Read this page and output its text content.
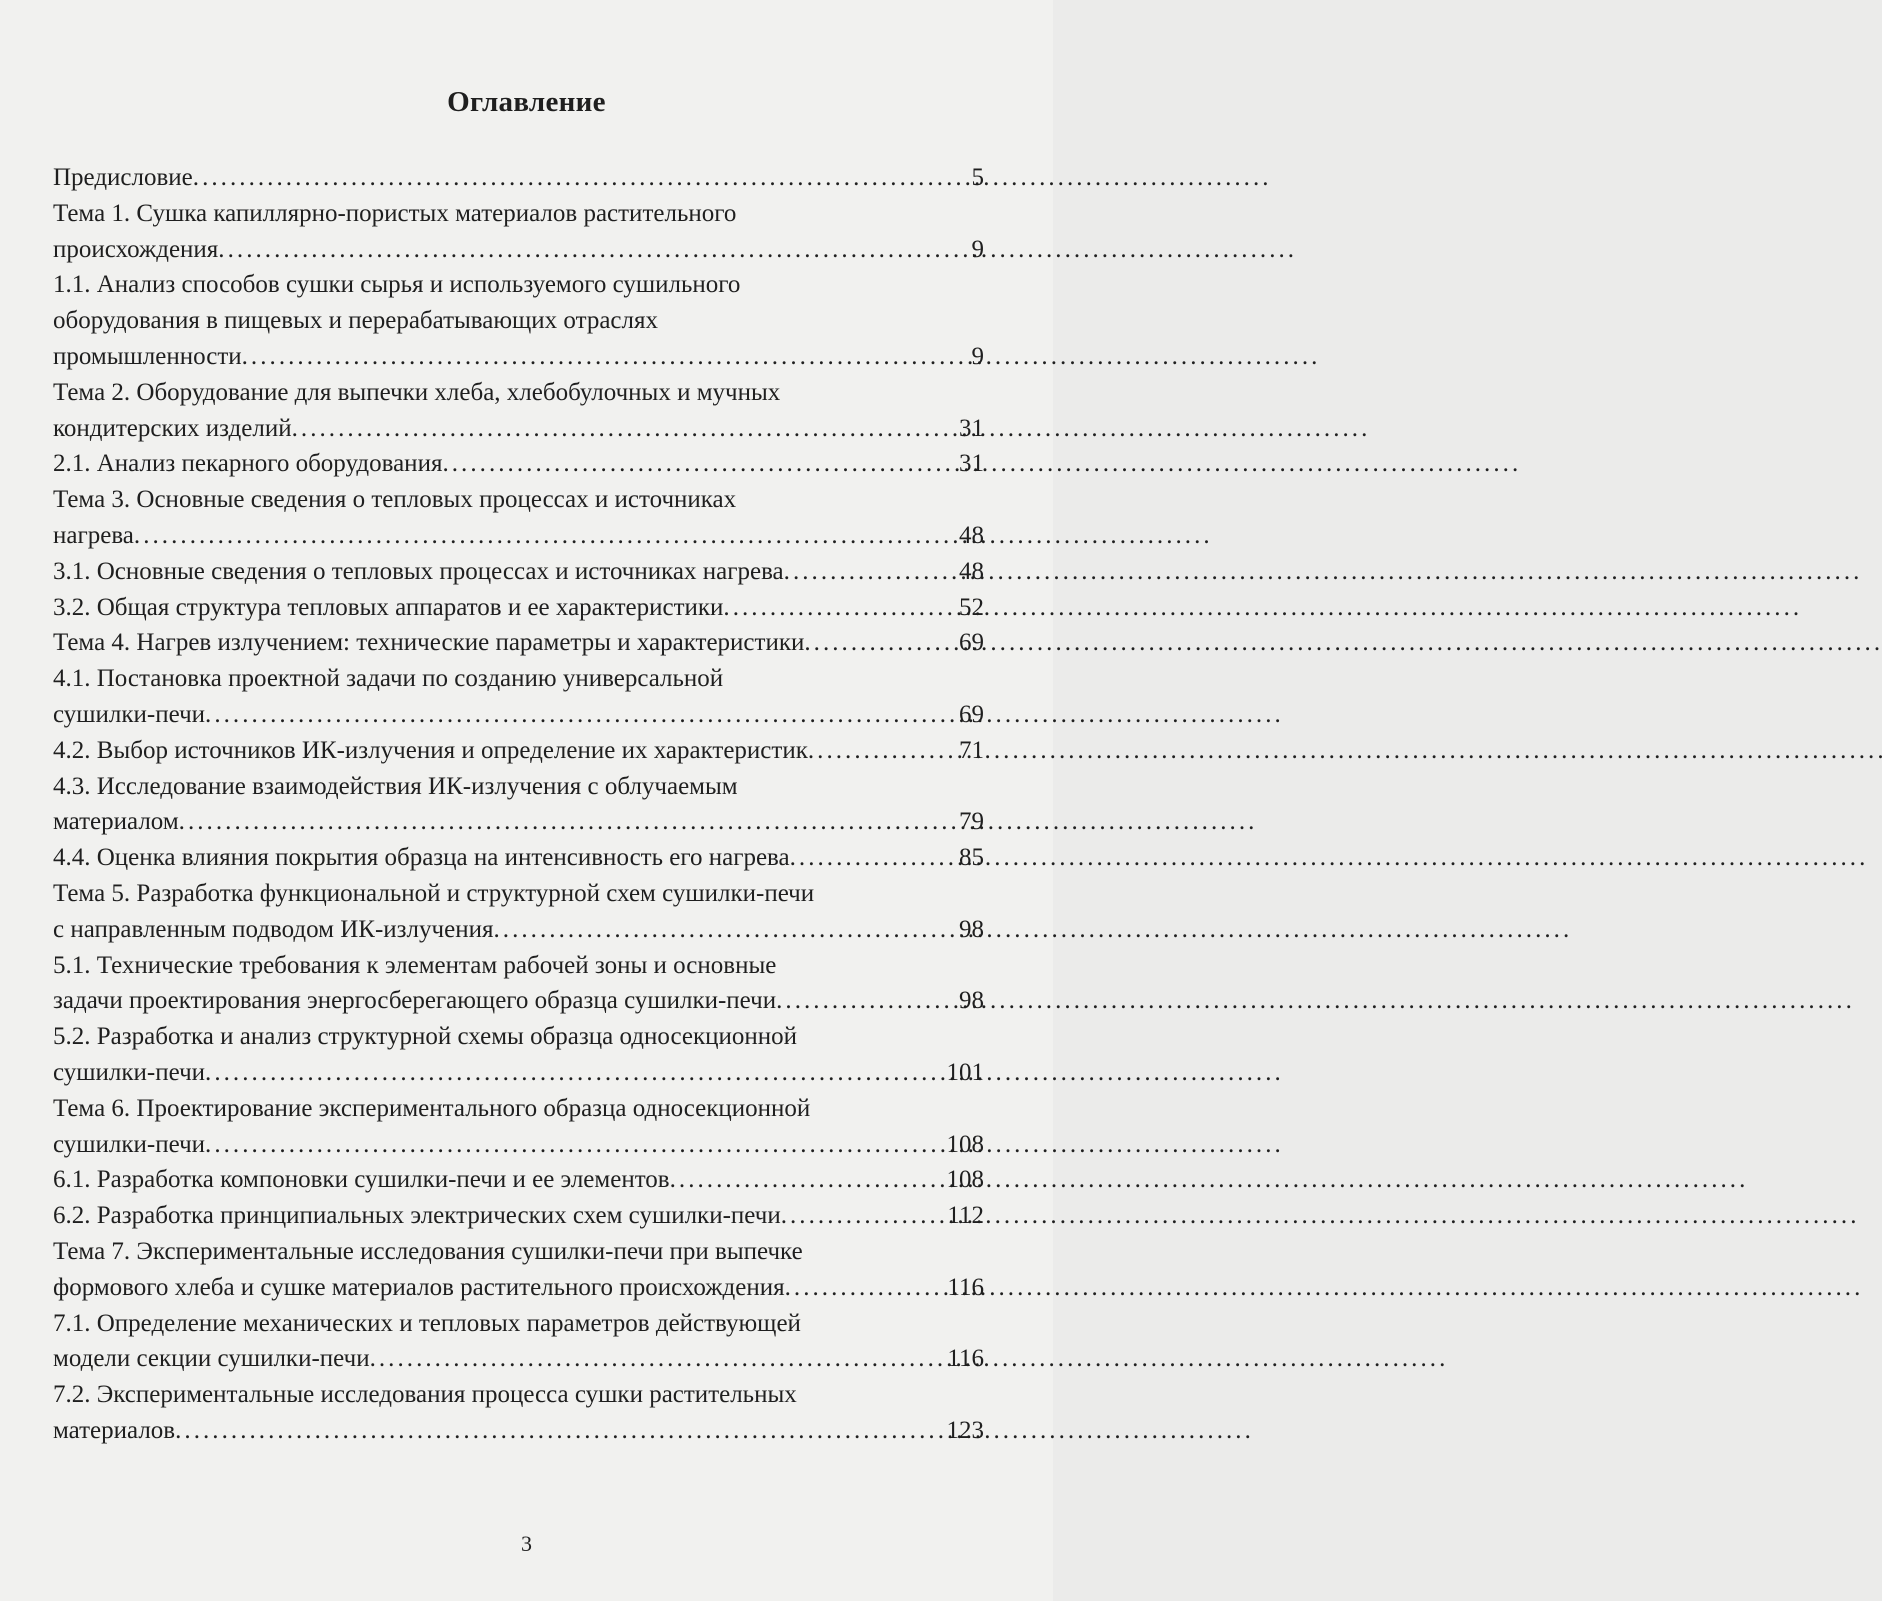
Оглавление
Предисловие . . .	5
Тема 1. Сушка капиллярно-пористых материалов растительного
происхождения . . .	9
1.1. Анализ способов сушки сырья и используемого сушильного
оборудования в пищевых и перерабатывающих отраслях
промышленности . . .	9
Тема 2. Оборудование для выпечки хлеба, хлебобулочных и мучных
кондитерских изделий . . .	31
2.1. Анализ пекарного оборудования . . .	31
Тема 3. Основные сведения о тепловых процессах и источниках
нагрева . . .	48
3.1. Основные сведения о тепловых процессах и источниках нагрева . . .	48
3.2. Общая структура тепловых аппаратов и ее характеристики . . .	52
Тема 4. Нагрев излучением: технические параметры и характеристики . . .	69
4.1. Постановка проектной задачи по созданию универсальной
сушилки-печи . . .	69
4.2. Выбор источников ИК-излучения и определение их характеристик . . .	71
4.3. Исследование взаимодействия ИК-излучения с облучаемым
материалом . . .	79
4.4. Оценка влияния покрытия образца на интенсивность его нагрева . . .	85
Тема 5. Разработка функциональной и структурной схем сушилки-печи
с направленным подводом ИК-излучения . . .	98
5.1. Технические требования к элементам рабочей зоны и основные
задачи проектирования энергосберегающего образца сушилки-печи . . .	98
5.2. Разработка и анализ структурной схемы образца односекционной
сушилки-печи . . .	101
Тема 6. Проектирование экспериментального образца односекционной
сушилки-печи . . .	108
6.1. Разработка компоновки сушилки-печи и ее элементов . . .	108
6.2. Разработка принципиальных электрических схем сушилки-печи . . .	112
Тема 7. Экспериментальные исследования сушилки-печи при выпечке
формового хлеба и сушке материалов растительного происхождения . . .	116
7.1. Определение механических и тепловых параметров действующей
модели секции сушилки-печи . . .	116
7.2. Экспериментальные исследования процесса сушки растительных
материалов . . .	123
3
